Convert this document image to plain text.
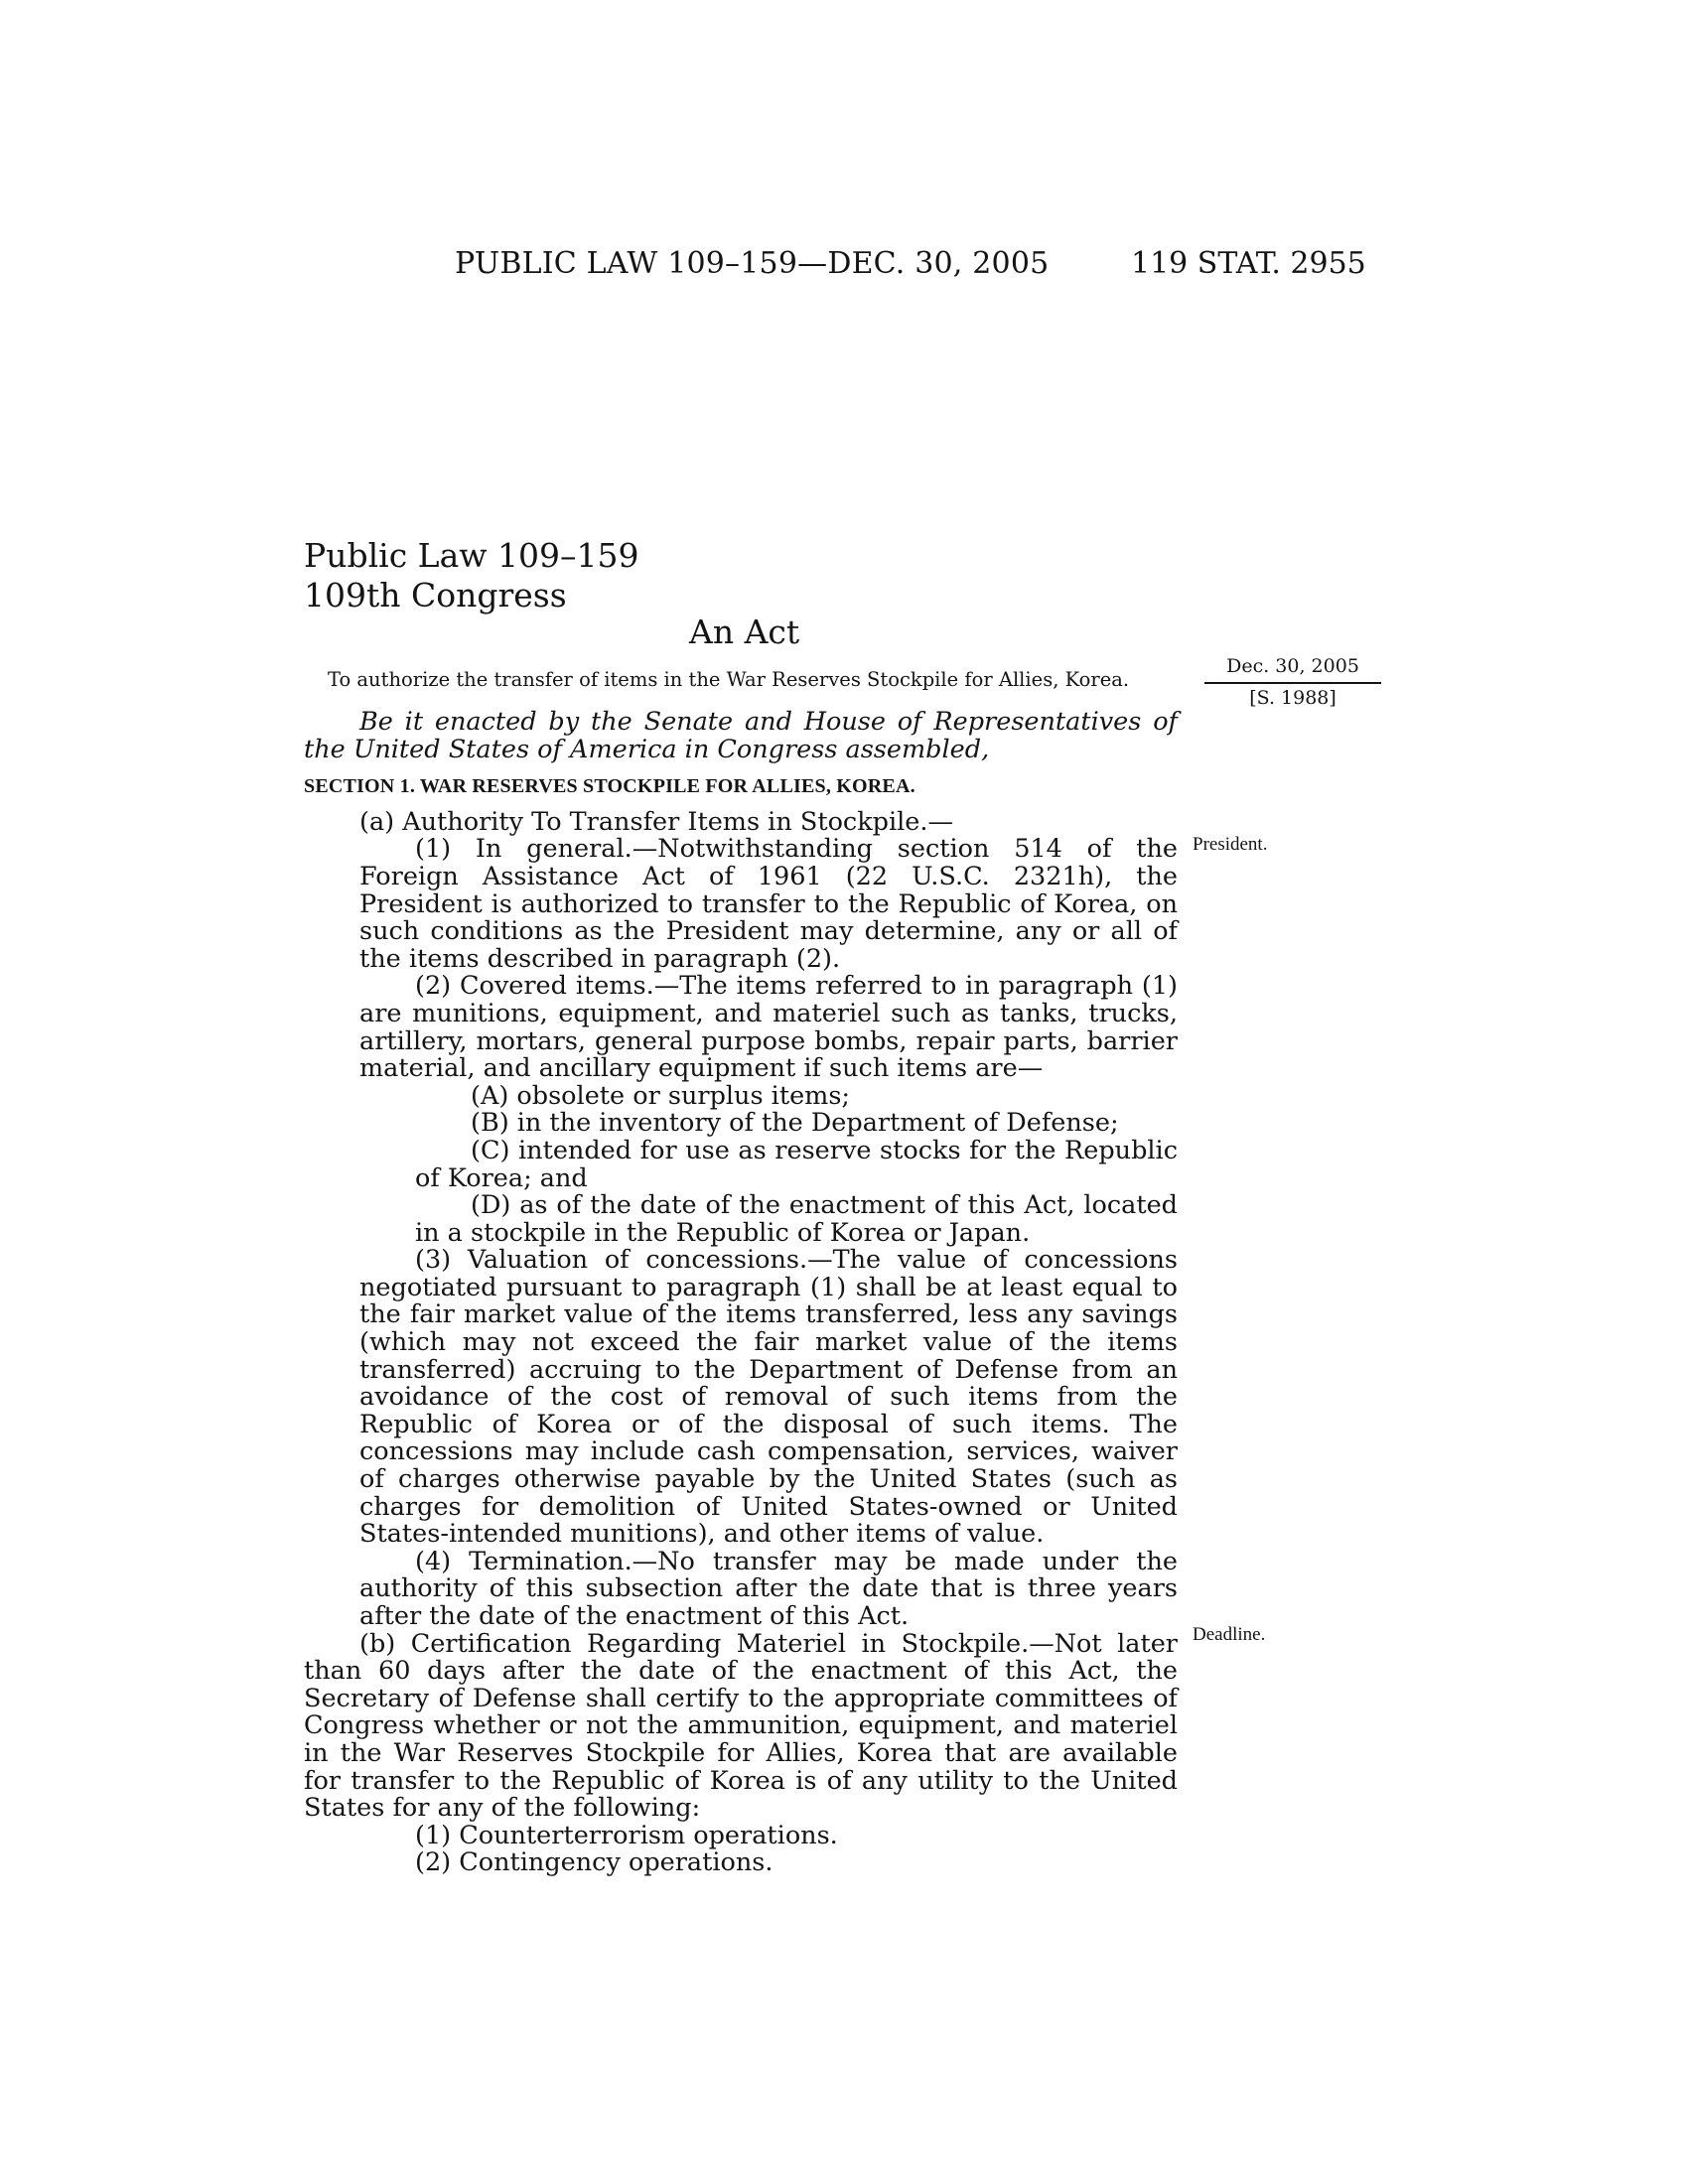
PUBLIC LAW 109–159—DEC. 30, 2005	119 STAT. 2955
Public Law 109–159
109th Congress
An Act
To authorize the transfer of items in the War Reserves Stockpile for Allies, Korea.
Dec. 30, 2005
[S. 1988]
President.
Deadline.

Be it enacted by the Senate and House of Representatives of the United States of America in Congress assembled,

SECTION 1. WAR RESERVES STOCKPILE FOR ALLIES, KOREA.

(a) Authority To Transfer Items in Stockpile.—

(1) In general.—Notwithstanding section 514 of the Foreign Assistance Act of 1961 (22 U.S.C. 2321h), the President is authorized to transfer to the Republic of Korea, on such conditions as the President may determine, any or all of the items described in paragraph (2).

(2) Covered items.—The items referred to in paragraph (1) are munitions, equipment, and materiel such as tanks, trucks, artillery, mortars, general purpose bombs, repair parts, barrier material, and ancillary equipment if such items are—

(A) obsolete or surplus items;

(B) in the inventory of the Department of Defense;

(C) intended for use as reserve stocks for the Republic of Korea; and

(D) as of the date of the enactment of this Act, located in a stockpile in the Republic of Korea or Japan.

(3) Valuation of concessions.—The value of concessions negotiated pursuant to paragraph (1) shall be at least equal to the fair market value of the items transferred, less any savings (which may not exceed the fair market value of the items transferred) accruing to the Department of Defense from an avoidance of the cost of removal of such items from the Republic of Korea or of the disposal of such items. The concessions may include cash compensation, services, waiver of charges otherwise payable by the United States (such as charges for demolition of United States-owned or United States-intended munitions), and other items of value.

(4) Termination.—No transfer may be made under the authority of this subsection after the date that is three years after the date of the enactment of this Act.

(b) Certification Regarding Materiel in Stockpile.—Not later than 60 days after the date of the enactment of this Act, the Secretary of Defense shall certify to the appropriate committees of Congress whether or not the ammunition, equipment, and materiel in the War Reserves Stockpile for Allies, Korea that are available for transfer to the Republic of Korea is of any utility to the United States for any of the following:

(1) Counterterrorism operations.

(2) Contingency operations.
